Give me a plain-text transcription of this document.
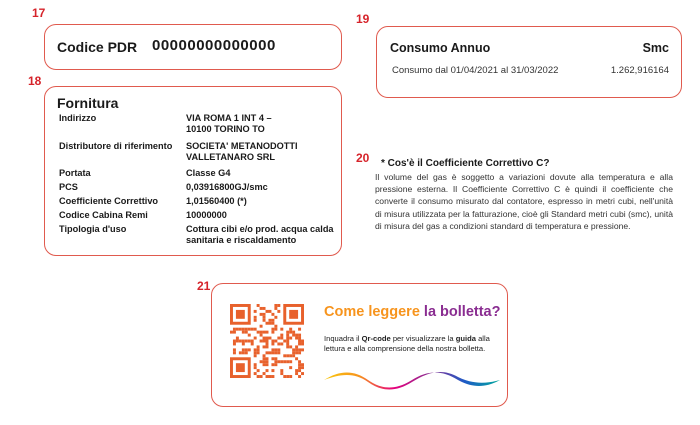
17
18
19
20
21
Codice PDR 00000000000000
Fornitura
Indirizzo	VIA ROMA 1 INT 4 –
10100 TORINO TO
Distributore di riferimento	SOCIETA' METANODOTTI
VALLETANARO SRL
Portata	Classe G4
PCS	0,03916800GJ/smc
Coefficiente Correttivo	1,01560400 (*)
Codice Cabina Remi	10000000
Tipologia d'uso	Cottura cibi e/o prod. acqua calda
sanitaria e riscaldamento
Consumo Annuo	Smc
Consumo dal 01/04/2021 al 31/03/2022	1.262,916164
* Cos'è il Coefficiente Correttivo C?
Il volume del gas è soggetto a variazioni dovute alla temperatura e alla pressione esterna. Il Coefficiente Correttivo C è quindi il coefficiente che converte il consumo misurato dal contatore, espresso in metri cubi, nell'unità di misura utilizzata per la fatturazione, cioè gli Standard metri cubi (smc), unità di misura del gas a condizioni standard di temperatura e pressione.
Come leggere la bolletta?
Inquadra il Qr-code per visualizzare la guida alla lettura e alla comprensione della nostra bolletta.
